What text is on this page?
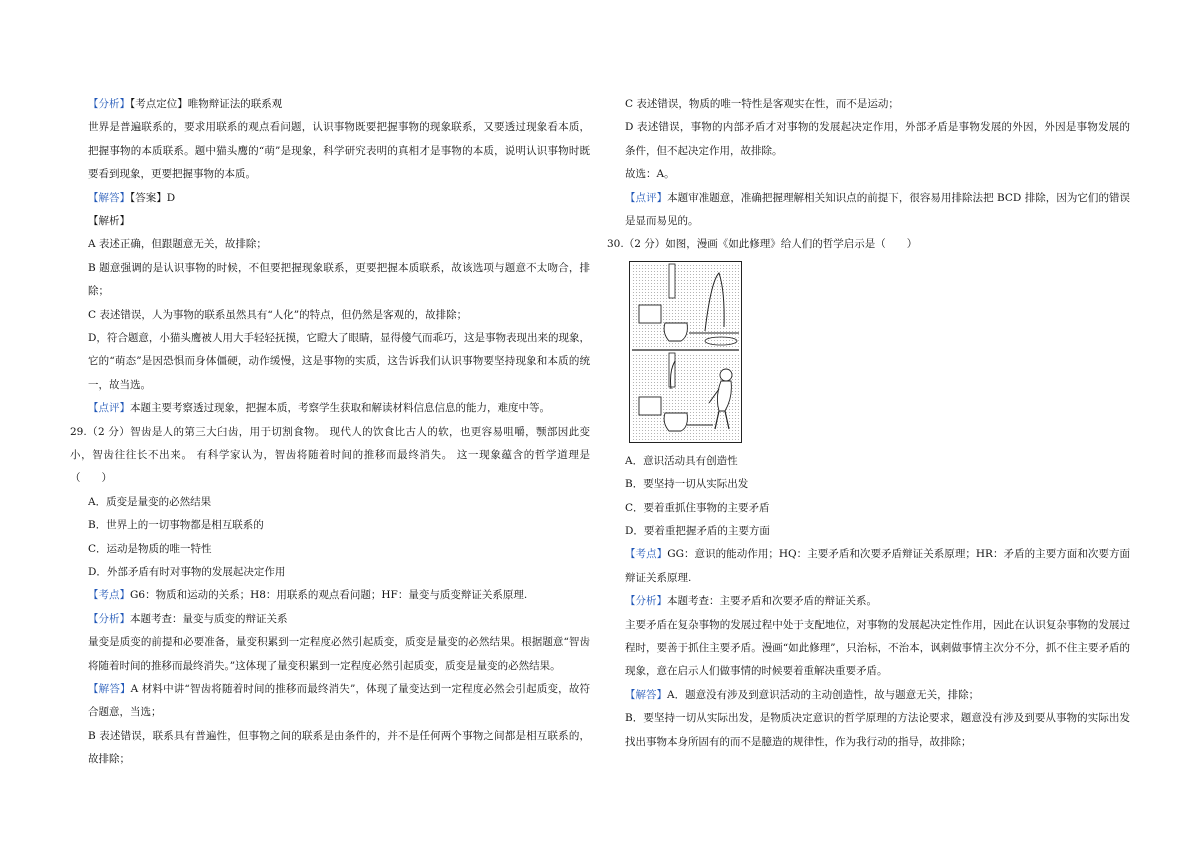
【分析】【考点定位】唯物辩证法的联系观
世界是普遍联系的，要求用联系的观点看问题，认识事物既要把握事物的现象联系，又要透过现象看本质，把握事物的本质联系。题中猫头鹰的“萌”是现象，科学研究表明的真相才是事物的本质，说明认识事物时既要看到现象，更要把握事物的本质。
【解答】【答案】D
【解析】
A 表述正确，但跟题意无关，故排除；
B 题意强调的是认识事物的时候，不但要把握现象联系，更要把握本质联系，故该选项与题意不太吻合，排除；
C 表述错误，人为事物的联系虽然具有“人化”的特点，但仍然是客观的，故排除；
D，符合题意，小猫头鹰被人用大手轻轻抚摸，它瞪大了眼睛，显得傻气而乖巧，这是事物表现出来的现象，它的“萌态”是因恐惧而身体僵硬，动作缓慢，这是事物的实质，这告诉我们认识事物要坚持现象和本质的统一，故当选。
【点评】本题主要考察透过现象，把握本质，考察学生获取和解读材料信息信息的能力，难度中等。
29.（2 分）智齿是人的第三大臼齿，用于切割食物。 现代人的饮食比古人的软，也更容易咀嚼，颚部因此变小，智齿往往长不出来。 有科学家认为，智齿将随着时间的推移而最终消失。 这一现象蕴含的哲学道理是（　　）
A．质变是量变的必然结果
B．世界上的一切事物都是相互联系的
C．运动是物质的唯一特性
D．外部矛盾有时对事物的发展起决定作用
【考点】G6：物质和运动的关系；H8：用联系的观点看问题；HF：量变与质变辩证关系原理.
【分析】本题考查：量变与质变的辩证关系
量变是质变的前提和必要准备，量变积累到一定程度必然引起质变，质变是量变的必然结果。根据题意“智齿将随着时间的推移而最终消失。”这体现了量变积累到一定程度必然引起质变，质变是量变的必然结果。
【解答】A 材料中讲“智齿将随着时间的推移而最终消失”，体现了量变达到一定程度必然会引起质变，故符合题意，当选；
B 表述错误，联系具有普遍性，但事物之间的联系是由条件的，并不是任何两个事物之间都是相互联系的，故排除；
C 表述错误，物质的唯一特性是客观实在性，而不是运动；
D 表述错误，事物的内部矛盾才对事物的发展起决定作用，外部矛盾是事物发展的外因，外因是事物发展的条件，但不起决定作用，故排除。
故选：A。
【点评】本题审准题意，准确把握理解相关知识点的前提下，很容易用排除法把 BCD 排除，因为它们的错误是显而易见的。
30.（2 分）如图，漫画《如此修理》给人们的哲学启示是（　　）
A．意识活动具有创造性
B．要坚持一切从实际出发
C．要着重抓住事物的主要矛盾
D．要着重把握矛盾的主要方面
【考点】GG：意识的能动作用；HQ：主要矛盾和次要矛盾辩证关系原理；HR：矛盾的主要方面和次要方面辩证关系原理.
【分析】本题考查：主要矛盾和次要矛盾的辩证关系。
主要矛盾在复杂事物的发展过程中处于支配地位，对事物的发展起决定性作用，因此在认识复杂事物的发展过程时，要善于抓住主要矛盾。漫画“如此修理”，只治标，不治本，讽刺做事情主次分不分，抓不住主要矛盾的现象，意在启示人们做事情的时候要着重解决重要矛盾。
【解答】A．题意没有涉及到意识活动的主动创造性，故与题意无关，排除；
B．要坚持一切从实际出发，是物质决定意识的哲学原理的方法论要求，题意没有涉及到要从事物的实际出发找出事物本身所固有的而不是臆造的规律性，作为我行动的指导，故排除；
